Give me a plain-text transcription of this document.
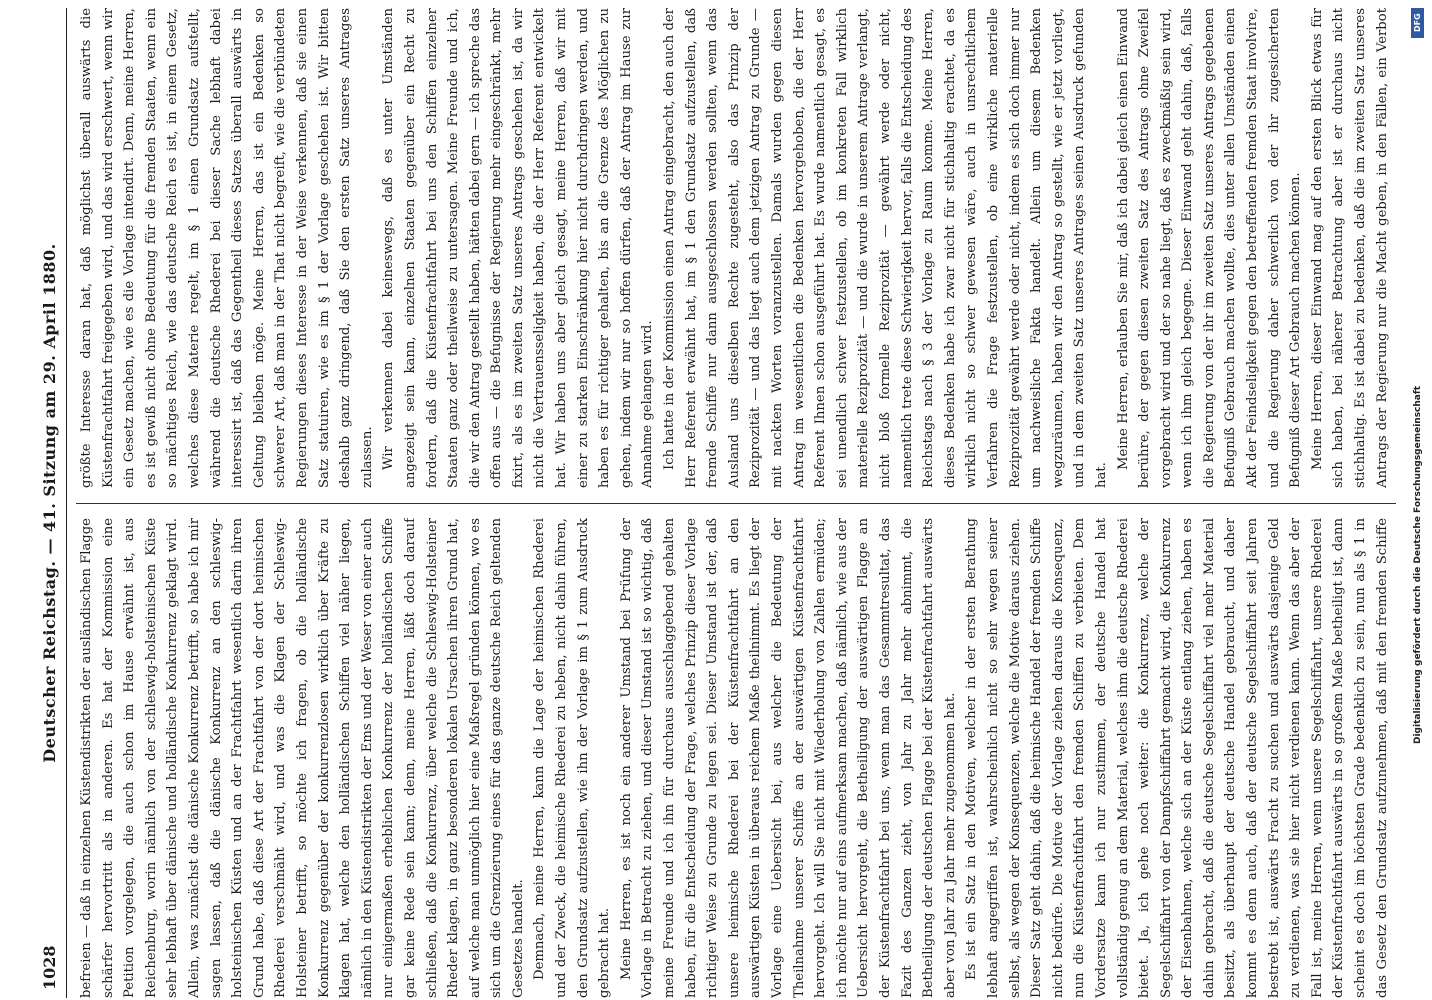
DFG
Digitalisierung gefördert durch die Deutsche Forschungsgemeinschaft
1028
Deutscher Reichstag. — 41. Sitzung am 29. April 1880. befreien — daß in einzelnen Küstendistrikten der ausländischen Flagge schärfer hervortritt als in anderen. Es hat der Kommission eine Petition vorgelegen, die auch schon im Hause erwähnt ist, aus Reichenburg, worin nämlich von der schleswig-holsteinischen Küste sehr lebhaft über dänische und holländische Konkurrenz geklagt wird. Allein, was zunächst die dänische Konkurrenz betrifft, so habe ich mir sagen lassen, daß die dänische Konkurrenz an den schleswig-holsteinischen Küsten und an der Frachtfahrt wesentlich darin ihren Grund habe, daß diese Art der Frachtfahrt von der dort heimischen Rhederei verschmäht wird, und was die Klagen der Schleswig-Holsteiner betrifft, so möchte ich fragen, ob die holländische Konkurrenz gegenüber der konkurrenzlosen wirklich über Kräfte zu klagen hat, welche den holländischen Schiffen viel näher liegen, nämlich in den Küstendistrikten der Ems und der Weser von einer auch nur einigermaßen erheblichen Konkurrenz der holländischen Schiffe gar keine Rede sein kann; denn, meine Herren, läßt doch darauf schließen, daß die Konkurrenz, über welche die Schleswig-Holsteiner Rheder klagen, in ganz besonderen lokalen Ursachen ihren Grund hat, auf welche man unmöglich hier eine Maßregel gründen können, wo es sich um die Grenzierung eines für das ganze deutsche Reich geltenden Gesetzes handelt. Demnach, meine Herren, kann die Lage der heimischen Rhederei und der Zweck, die heimische Rhederei zu heben, nicht dahin führen, den Grundsatz aufzustellen, wie ihn der Vorlage im § 1 zum Ausdruck gebracht hat. Meine Herren, es ist noch ein anderer Umstand bei Prüfung der Vorlage in Betracht zu ziehen, und dieser Umstand ist so wichtig, daß meine Freunde und ich ihn für durchaus ausschlaggebend gehalten haben, für die Entscheidung der Frage, welches Prinzip dieser Vorlage richtiger Weise zu Grunde zu legen sei. Dieser Umstand ist der, daß unsere heimische Rhederei bei der Küstenfrachtfahrt an den auswärtigen Küsten in überaus reichem Maße theilnimmt. Es liegt der Vorlage eine Uebersicht bei, aus welcher die Bedeutung der Theilnahme unserer Schiffe an der auswärtigen Küstenfrachtfahrt hervorgeht. Ich will Sie nicht mit Wiederholung von Zahlen ermüden; ich möchte nur auf eins aufmerksam machen, daß nämlich, wie aus der Uebersicht hervorgeht, die Betheiligung der auswärtigen Flagge an der Küstenfrachtfahrt bei uns, wenn man das Gesammtresultat, das Fazit des Ganzen zieht, von Jahr zu Jahr mehr abnimmt, die Betheiligung der deutschen Flagge bei der Küstenfrachtfahrt auswärts aber von Jahr zu Jahr mehr zugenommen hat. Es ist ein Satz in den Motiven, welcher in der ersten Berathung lebhaft angegriffen ist, wahrscheinlich nicht so sehr wegen seiner selbst, als wegen der Konsequenzen, welche die Motive daraus ziehen. Dieser Satz geht dahin, daß die heimische Handel der fremden Schiffe nicht bedürfe. Die Motive der Vorlage ziehen daraus die Konsequenz, nun die Küstenfrachtfahrt den fremden Schiffen zu verbieten. Dem Vordersatze kann ich nur zustimmen, der deutsche Handel hat vollständig genug an dem Material, welches ihm die deutsche Rhederei bietet. Ja, ich gehe noch weiter: die Konkurrenz, welche der Segelschiffahrt von der Dampfschiffahrt gemacht wird, die Konkurrenz der Eisenbahnen, welche sich an der Küste entlang ziehen, haben es dahin gebracht, daß die deutsche Segelschiffahrt viel mehr Material besitzt, als überhaupt der deutsche Handel gebraucht, und daher kommt es denn auch, daß der deutsche Segelschiffahrt seit Jahren bestrebt ist, auswärts Fracht zu suchen und auswärts dasjenige Geld zu verdienen, was sie hier nicht verdienen kann. Wenn das aber der Fall ist, meine Herren, wenn unsere Segelschiffahrt, unsere Rhederei der Küstenfrachtfahrt auswärts in so großem Maße betheiligt ist, dann scheint es doch im höchsten Grade bedenklich zu sein, nun als § 1 in das Gesetz den Grundsatz aufzunehmen, daß mit den fremden Schiffe

größte Interesse daran hat, daß möglichst überall auswärts die Küstenfrachtfahrt freigegeben wird, und das wird erschwert, wenn wir ein Gesetz machen, wie es die Vorlage intendirt. Denn, meine Herren, es ist gewiß nicht ohne Bedeutung für die fremden Staaten, wenn ein so mächtiges Reich, wie das deutsche Reich es ist, in einem Gesetz, welches diese Materie regelt, im § 1 einen Grundsatz aufstellt, während die deutsche Rhederei bei dieser Sache lebhaft dabei interessirt ist, daß das Gegentheil dieses Satzes überall auswärts in Geltung bleiben möge. Meine Herren, das ist ein Bedenken so schwerer Art, daß man in der That nicht begreift, wie die verbündeten Regierungen dieses Interesse in der Weise verkennen, daß sie einen Satz statuiren, wie es im § 1 der Vorlage geschehen ist. Wir bitten deshalb ganz dringend, daß Sie den ersten Satz unseres Antrages zulassen. Wir verkennen dabei keineswegs, daß es unter Umständen angezeigt sein kann, einzelnen Staaten gegenüber ein Recht zu fordern, daß die Küstenfrachtfahrt bei uns den Schiffen einzelner Staaten ganz oder theilweise zu untersagen. Meine Freunde und ich, die wir den Antrag gestellt haben, hätten dabei gern — ich spreche das offen aus — die Befugnisse der Regierung mehr eingeschränkt, mehr fixirt, als es im zweiten Satz unseres Antrags geschehen ist, da wir nicht die Vertrauensseligkeit haben, die der Herr Referent entwickelt hat. Wir haben uns aber gleich gesagt, meine Herren, daß wir mit einer zu starken Einschränkung hier nicht durchdringen werden, und haben es für richtiger gehalten, bis an die Grenze des Möglichen zu gehen, indem wir nur so hoffen dürfen, daß der Antrag im Hause zur Annahme gelangen wird. Ich hatte in der Kommission einen Antrag eingebracht, den auch der Herr Referent erwähnt hat, im § 1 den Grundsatz aufzustellen, daß fremde Schiffe nur dann ausgeschlossen werden sollten, wenn das Ausland uns dieselben Rechte zugesteht, also das Prinzip der Reziprozität — und das liegt auch dem jetzigen Antrag zu Grunde — mit nackten Worten voranzustellen. Damals wurden gegen diesen Antrag im wesentlichen die Bedenken hervorgehoben, die der Herr Referent Ihnen schon ausgeführt hat. Es wurde namentlich gesagt, es sei unendlich schwer festzustellen, ob im konkreten Fall wirklich materielle Reziprozität — und die wurde in unserem Antrage verlangt, nicht bloß formelle Reziprozität — gewährt werde oder nicht, namentlich trete diese Schwierigkeit hervor, falls die Entscheidung des Reichstags nach § 3 der Vorlage zu Raum komme. Meine Herren, dieses Bedenken habe ich zwar nicht für stichhaltig erachtet, da es wirklich nicht so schwer gewesen wäre, auch in unsrechtlichem Verfahren die Frage festzustellen, ob eine wirkliche materielle Reziprozität gewährt werde oder nicht, indem es sich doch immer nur um nachweisliche Fakta handelt. Allein um diesem Bedenken wegzuräumen, haben wir den Antrag so gestellt, wie er jetzt vorliegt, und in dem zweiten Satz unseres Antrages seinen Ausdruck gefunden hat.

Meine Herren, erlauben Sie mir, daß ich dabei gleich einen Einwand berühre, der gegen diesen zweiten Satz des Antrags ohne Zweifel vorgebracht wird und der so nahe liegt, daß es zweckmäßig sein wird, wenn ich ihm gleich begegne. Dieser Einwand geht dahin, daß, falls die Regierung von der ihr im zweiten Satz unseres Antrags gegebenen Befugniß Gebrauch machen wollte, dies unter allen Umständen einen Akt der Feindseligkeit gegen den betreffenden fremden Staat involvire, und die Regierung daher schwerlich von der ihr zugesicherten Befugniß dieser Art Gebrauch machen können. Meine Herren, dieser Einwand mag auf den ersten Blick etwas für sich haben, bei näherer Betrachtung aber ist er durchaus nicht stichhaltig. Es ist dabei zu bedenken, daß die im zweiten Satz unseres Antrags der Regierung nur die Macht geben, in den Fällen, ein Verbot
